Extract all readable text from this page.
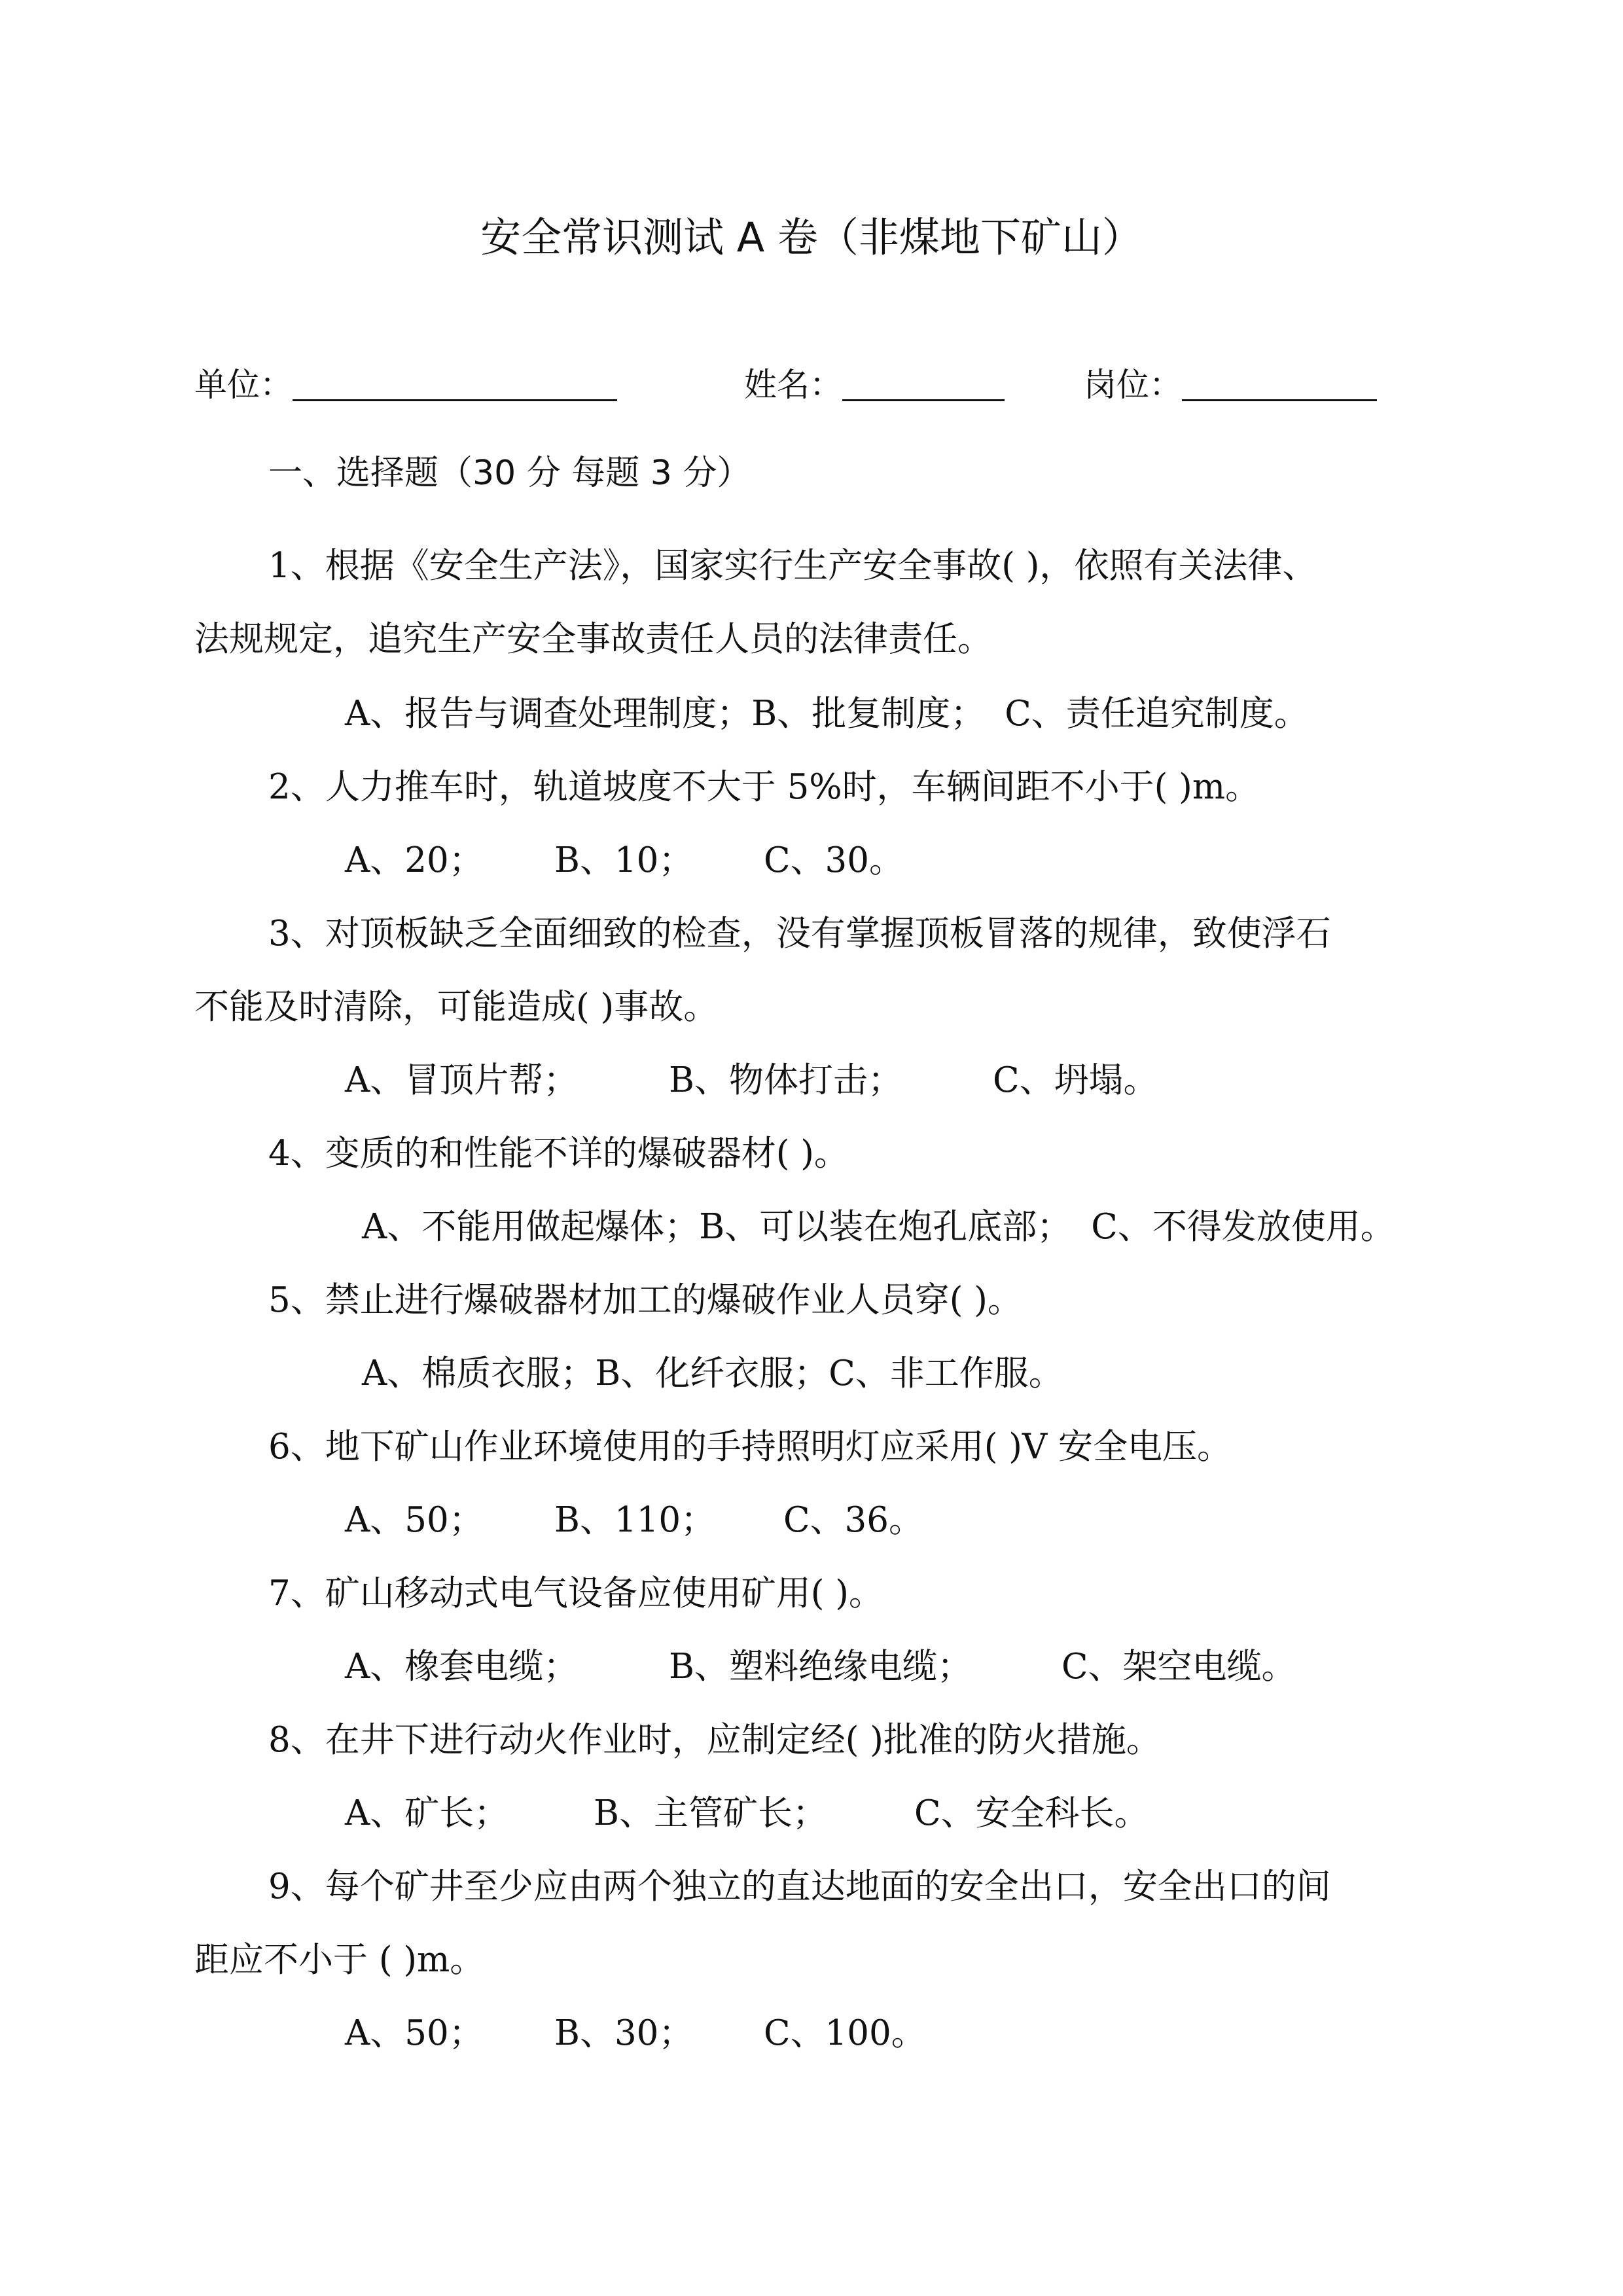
安全常识测试 A 卷（非煤地下矿山）
单位：	姓名：	岗位：
一、选择题（30 分 每题 3 分）
1、根据《安全生产法》，国家实行生产安全事故( )，依照有关法律、
法规规定，追究生产安全事故责任人员的法律责任。
A、报告与调查处理制度；B、批复制度； C、责任追究制度。
2、人力推车时，轨道坡度不大于 5%时，车辆间距不小于( )m。
A、20； B、10； C、30。
3、对顶板缺乏全面细致的检查，没有掌握顶板冒落的规律，致使浮石
不能及时清除，可能造成( )事故。
A、冒顶片帮；	B、物体打击；	C、坍塌。
4、变质的和性能不详的爆破器材( )。
A、不能用做起爆体；B、可以装在炮孔底部； C、不得发放使用。
5、禁止进行爆破器材加工的爆破作业人员穿( )。
A、棉质衣服；B、化纤衣服；C、非工作服。
6、地下矿山作业环境使用的手持照明灯应采用( )V 安全电压。
A、50； B、110； C、36。
7、矿山移动式电气设备应使用矿用( )。
A、橡套电缆；	B、塑料绝缘电缆；	C、架空电缆。
8、在井下进行动火作业时，应制定经( )批准的防火措施。
A、矿长； B、主管矿长；	C、安全科长。
9、每个矿井至少应由两个独立的直达地面的安全出口，安全出口的间
距应不小于 ( )m。
A、50； B、30； C、100。
